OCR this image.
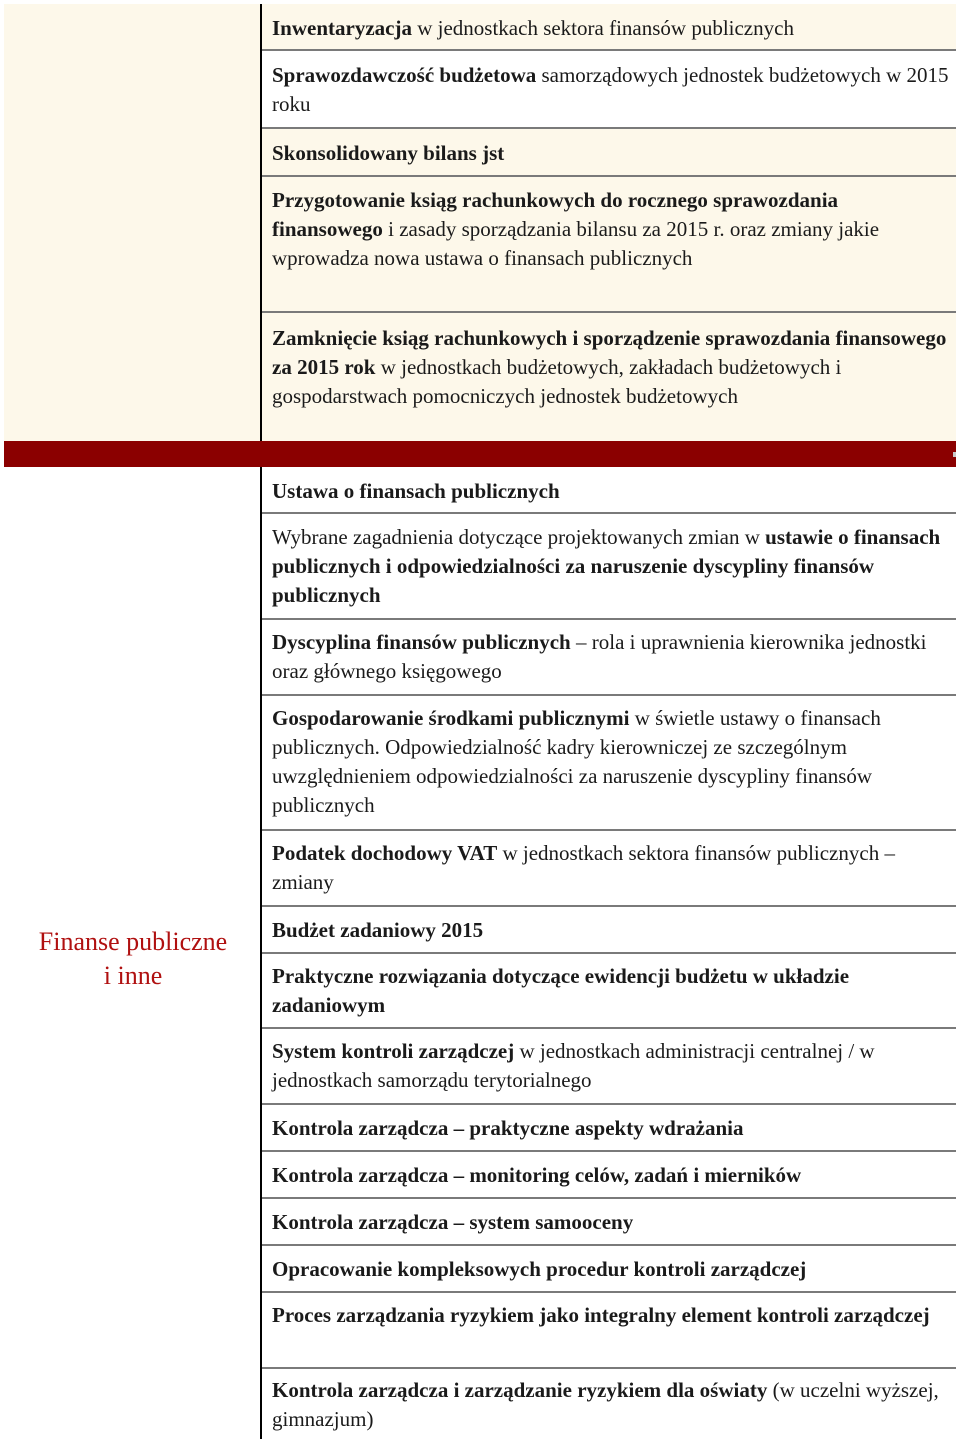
Inwentaryzacja w jednostkach sektora finansów publicznych
Sprawozdawczość budżetowa samorządowych jednostek budżetowych w 2015 roku
Skonsolidowany bilans jst
Przygotowanie ksiąg rachunkowych do rocznego sprawozdania finansowego i zasady sporządzania bilansu za 2015 r. oraz zmiany jakie wprowadza nowa ustawa o finansach publicznych
Zamknięcie ksiąg rachunkowych i sporządzenie sprawozdania finansowego za 2015 rok w jednostkach budżetowych, zakładach budżetowych i gospodarstwach pomocniczych jednostek budżetowych
Finanse publiczne
i inne
Ustawa o finansach publicznych
Wybrane zagadnienia dotyczące projektowanych zmian w ustawie o finansach publicznych i odpowiedzialności za naruszenie dyscypliny finansów publicznych
Dyscyplina finansów publicznych – rola i uprawnienia kierownika jednostki oraz głównego księgowego
Gospodarowanie środkami publicznymi w świetle ustawy o finansach publicznych. Odpowiedzialność kadry kierowniczej ze szczególnym uwzględnieniem odpowiedzialności za naruszenie dyscypliny finansów publicznych
Podatek dochodowy VAT w jednostkach sektora finansów publicznych – zmiany
Budżet zadaniowy 2015
Praktyczne rozwiązania dotyczące ewidencji budżetu w układzie zadaniowym
System kontroli zarządczej w jednostkach administracji centralnej / w jednostkach samorządu terytorialnego
Kontrola zarządcza – praktyczne aspekty wdrażania
Kontrola zarządcza – monitoring celów, zadań i mierników
Kontrola zarządcza – system samooceny
Opracowanie kompleksowych procedur kontroli zarządczej
Proces zarządzania ryzykiem jako integralny element kontroli zarządczej
Kontrola zarządcza i zarządzanie ryzykiem dla oświaty (w uczelni wyższej, gimnazjum)
